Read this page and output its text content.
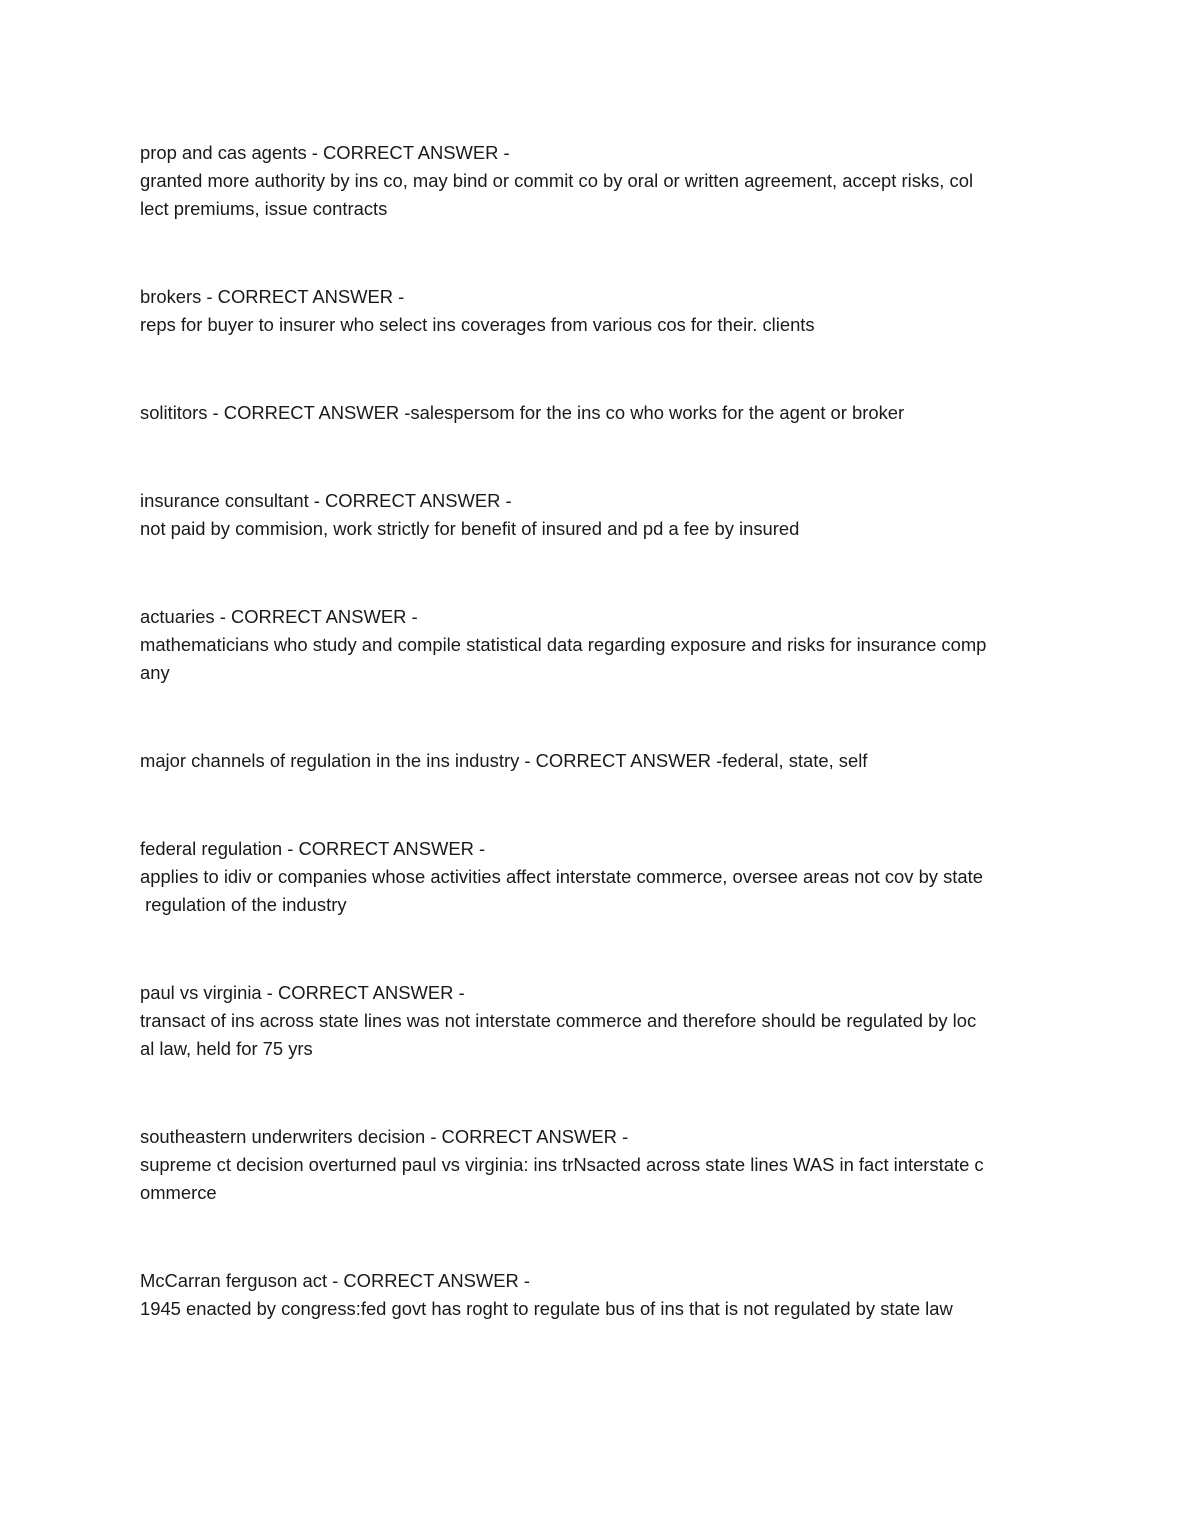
prop and cas agents - CORRECT ANSWER -
granted more authority by ins co, may bind or commit co by oral or written agreement, accept risks, col
lect premiums, issue contracts
brokers - CORRECT ANSWER -
reps for buyer to insurer who select ins coverages from various cos for their. clients
solititors - CORRECT ANSWER -salespersom for the ins co who works for the agent or broker
insurance consultant - CORRECT ANSWER -
not paid by commision, work strictly for benefit of insured and pd a fee by insured
actuaries - CORRECT ANSWER -
mathematicians who study and compile statistical data regarding exposure and risks for insurance comp
any
major channels of regulation in the ins industry - CORRECT ANSWER -federal, state, self
federal regulation - CORRECT ANSWER -
applies to idiv or companies whose activities affect interstate commerce, oversee areas not cov by state
regulation of the industry
paul vs virginia - CORRECT ANSWER -
transact of ins across state lines was not interstate commerce and therefore should be regulated by loc
al law, held for 75 yrs
southeastern underwriters decision - CORRECT ANSWER -
supreme ct decision overturned paul vs virginia: ins trNsacted across state lines WAS in fact interstate c
ommerce
McCarran ferguson act - CORRECT ANSWER -
1945 enacted by congress:fed govt has roght to regulate bus of ins that is not regulated by state law
